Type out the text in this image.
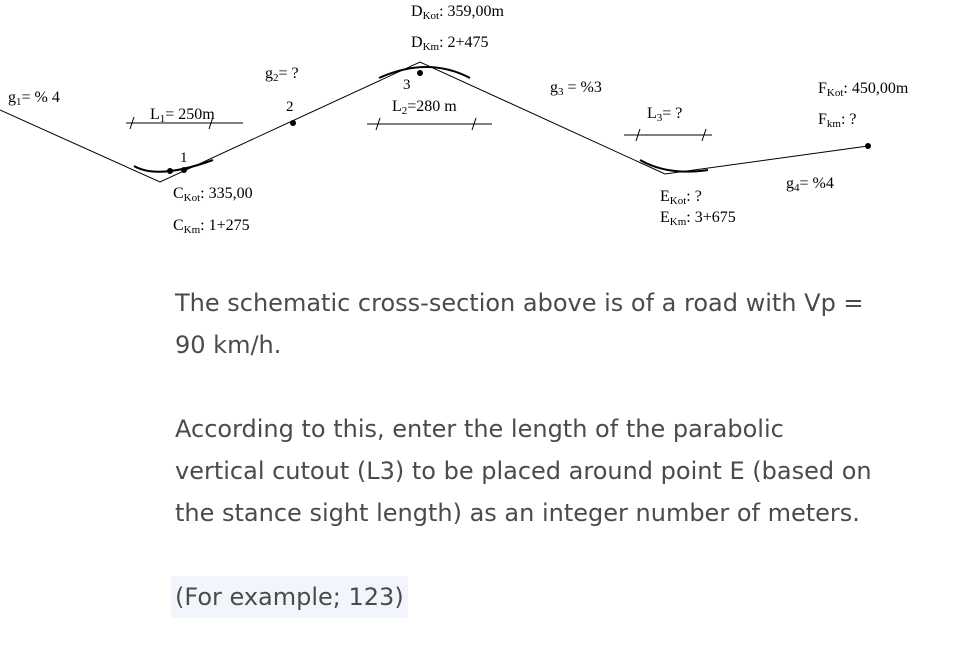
g1= % 4
g2= ?
g3 = %3
g4= %4
L1= 250m	L2=280 m	L3= ?
DKot: 359,00m
DKm: 2+475
CKot: 335,00
CKm: 1+275
EKot: ?
EKm: 3+675
FKot: 450,00m
Fkm: ?
1
2
3

The schematic cross-section above is of a road with Vp = 90 km/h.

According to this, enter the length of the parabolic vertical cutout (L3) to be placed around point E (based on the stance sight length) as an integer number of meters.

(For example; 123)
